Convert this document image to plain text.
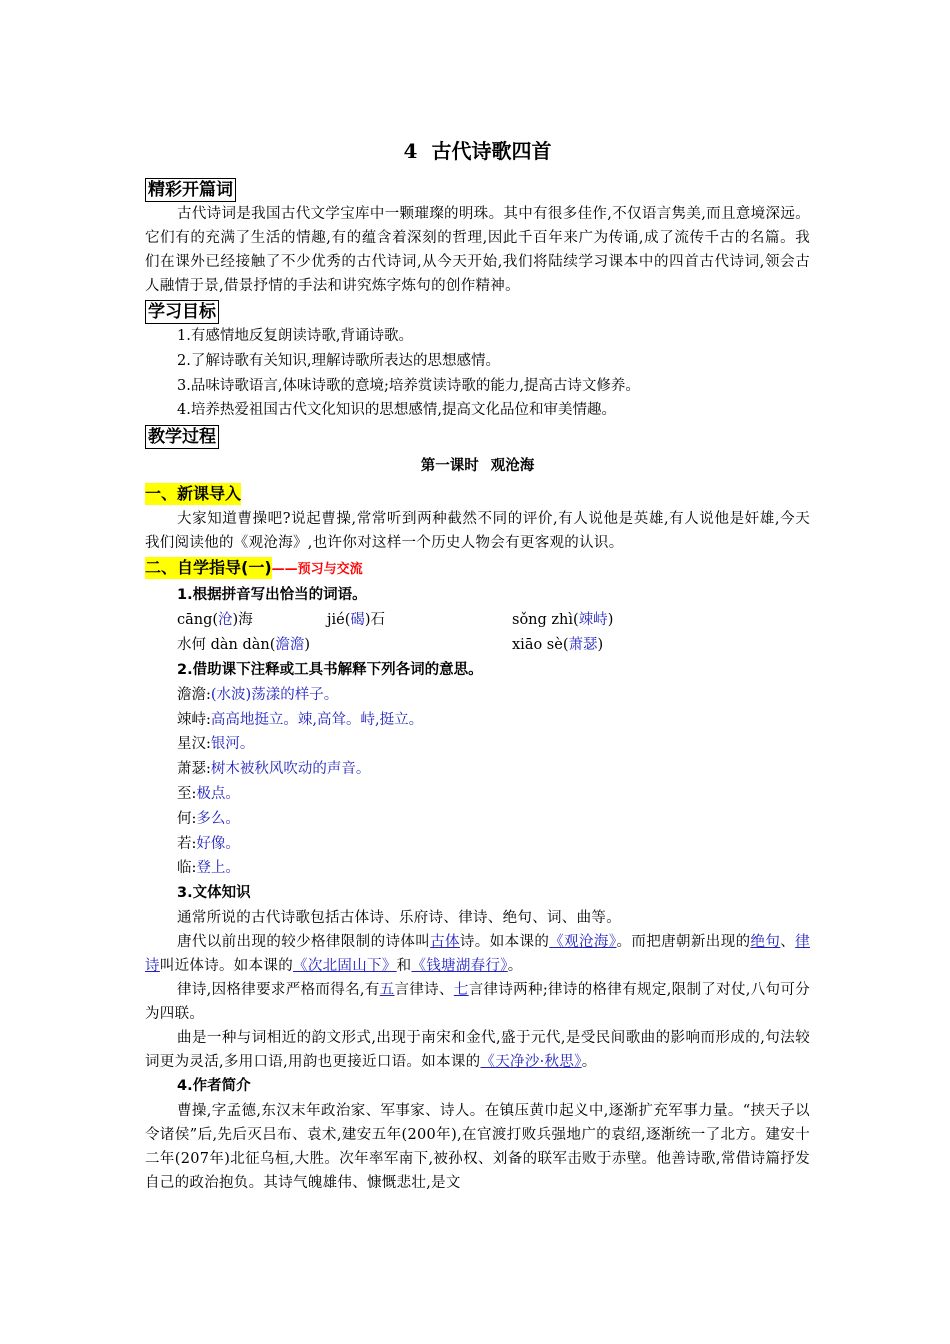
4 古代诗歌四首
精彩开篇词
古代诗词是我国古代文学宝库中一颗璀璨的明珠。其中有很多佳作,不仅语言隽美,而且意境深远。它们有的充满了生活的情趣,有的蕴含着深刻的哲理,因此千百年来广为传诵,成了流传千古的名篇。我们在课外已经接触了不少优秀的古代诗词,从今天开始,我们将陆续学习课本中的四首古代诗词,领会古人融情于景,借景抒情的手法和讲究炼字炼句的创作精神。
学习目标
1.有感情地反复朗读诗歌,背诵诗歌。
2.了解诗歌有关知识,理解诗歌所表达的思想感情。
3.品味诗歌语言,体味诗歌的意境;培养赏读诗歌的能力,提高古诗文修养。
4.培养热爱祖国古代文化知识的思想感情,提高文化品位和审美情趣。
教学过程
第一课时 观沧海
一、新课导入
大家知道曹操吧?说起曹操,常常听到两种截然不同的评价,有人说他是英雄,有人说他是奸雄,今天我们阅读他的《观沧海》,也许你对这样一个历史人物会有更客观的认识。
二、自学指导(一)——预习与交流
1.根据拼音写出恰当的词语。
cāng(沧)海	jié(碣)石	sǒng zhì(竦峙)
水何 dàn dàn(澹澹)	xiāo sè(萧瑟)
2.借助课下注释或工具书解释下列各词的意思。
澹澹:(水波)荡漾的样子。
竦峙:高高地挺立。竦,高耸。峙,挺立。
星汉:银河。
萧瑟:树木被秋风吹动的声音。
至:极点。
何:多么。
若:好像。
临:登上。
3.文体知识
通常所说的古代诗歌包括古体诗、乐府诗、律诗、绝句、词、曲等。
唐代以前出现的较少格律限制的诗体叫古体诗。如本课的《观沧海》。而把唐朝新出现的绝句、律诗叫近体诗。如本课的《次北固山下》和《钱塘湖春行》。
律诗,因格律要求严格而得名,有五言律诗、七言律诗两种;律诗的格律有规定,限制了对仗,八句可分为四联。
曲是一种与词相近的韵文形式,出现于南宋和金代,盛于元代,是受民间歌曲的影响而形成的,句法较词更为灵活,多用口语,用韵也更接近口语。如本课的《天净沙·秋思》。
4.作者简介
曹操,字孟德,东汉末年政治家、军事家、诗人。在镇压黄巾起义中,逐渐扩充军事力量。“挟天子以令诸侯”后,先后灭吕布、袁术,建安五年(200年),在官渡打败兵强地广的袁绍,逐渐统一了北方。建安十二年(207年)北征乌桓,大胜。次年率军南下,被孙权、刘备的联军击败于赤壁。他善诗歌,常借诗篇抒发自己的政治抱负。其诗气魄雄伟、慷慨悲壮,是文
